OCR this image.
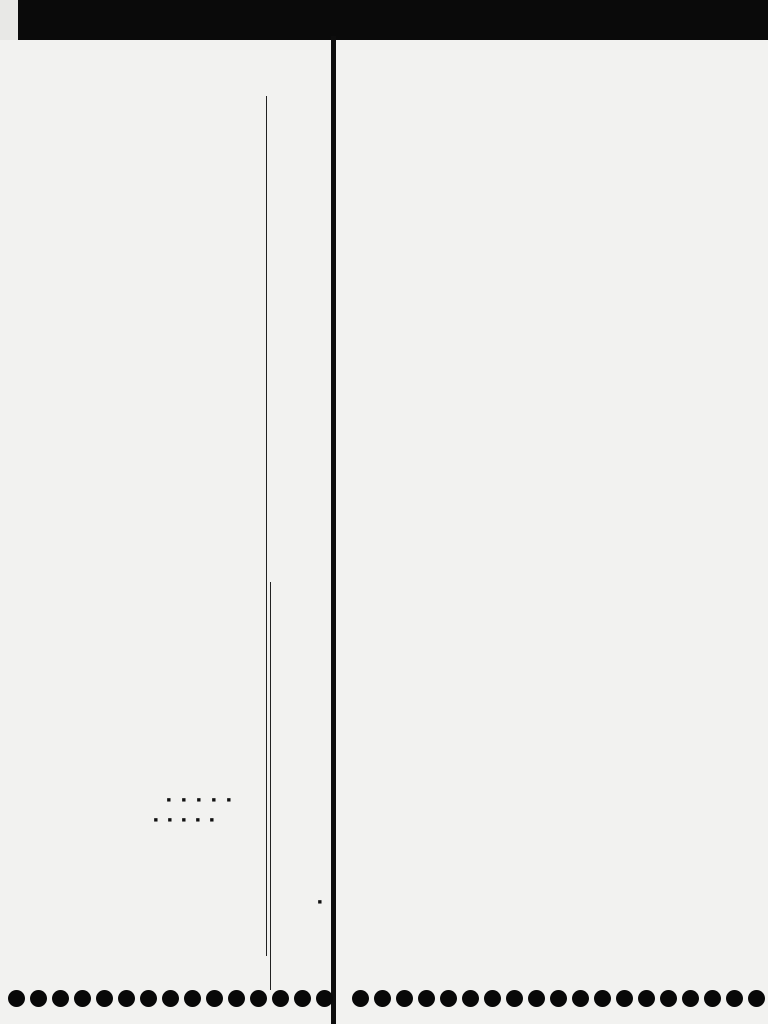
■
■
■
■
■
■
■
■
■
■
■
